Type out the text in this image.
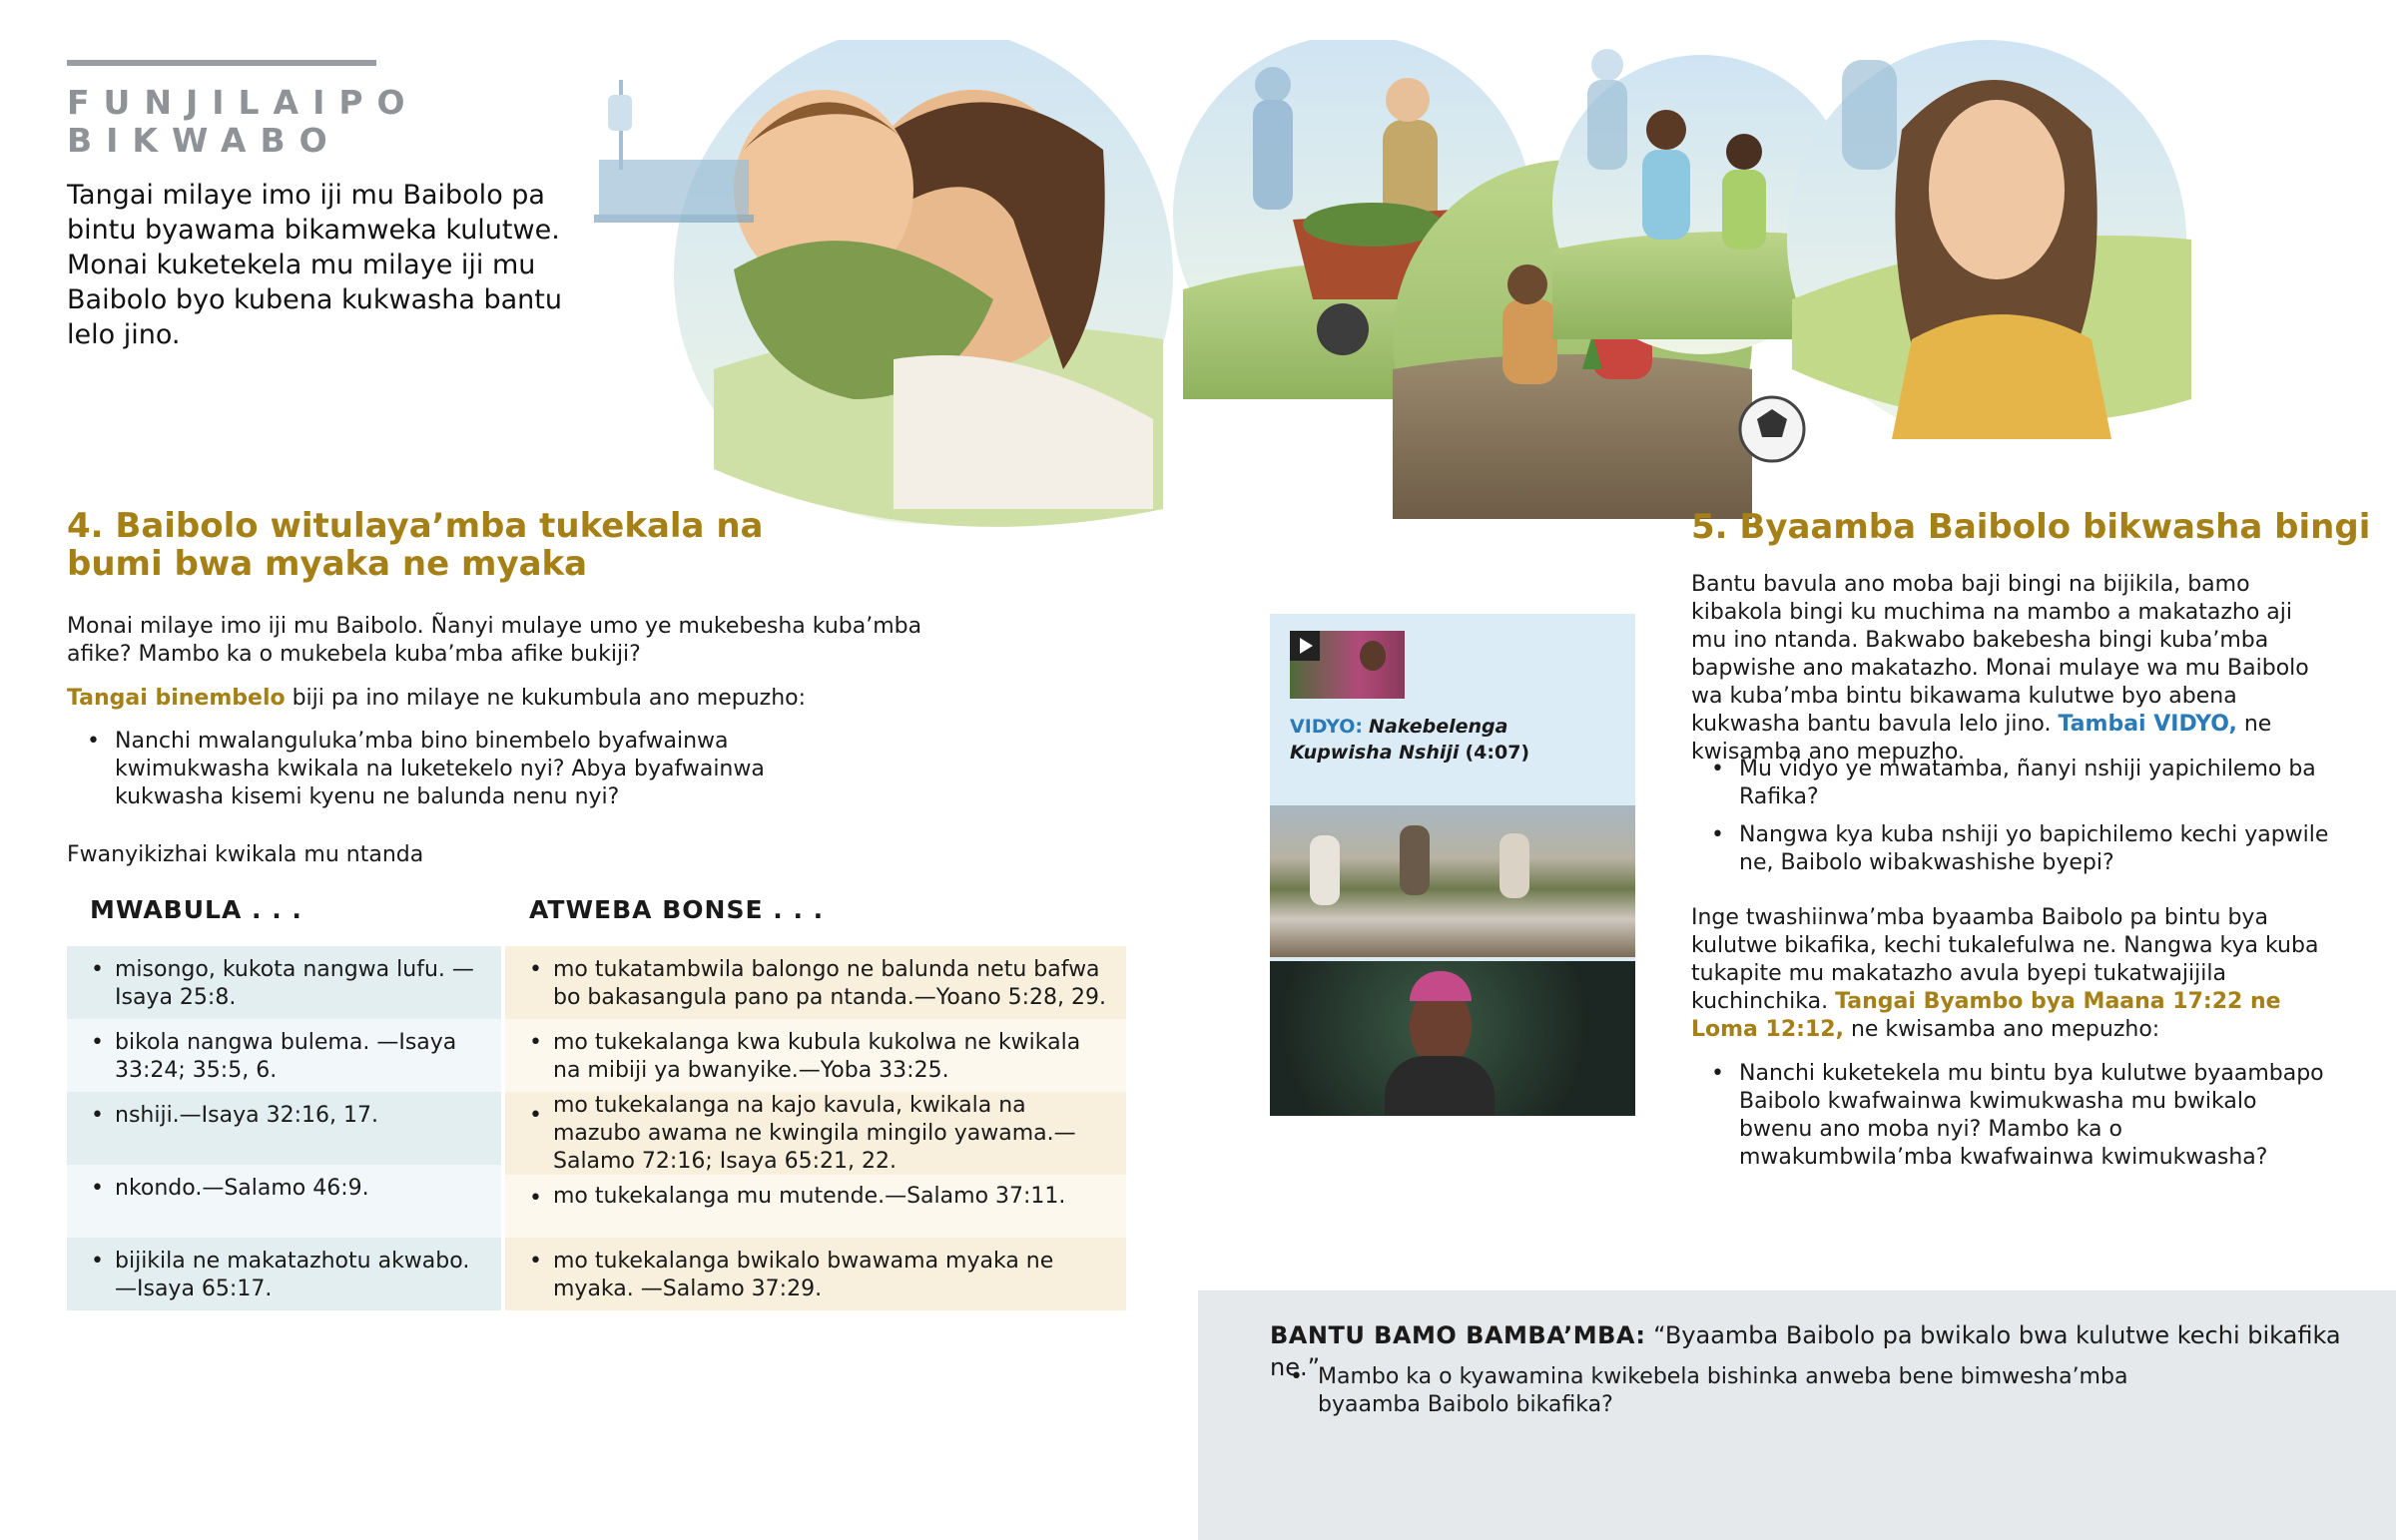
FUNJILAIPO
BIKWABO
Tangai milaye imo iji mu Baibolo pa bintu byawama bikamweka kulutwe. Monai kuketekela mu milaye iji mu Baibolo byo kubena kukwasha bantu lelo jino.
4. Baibolo witulaya’mba tukekala na bumi bwa myaka ne myaka
Monai milaye imo iji mu Baibolo. Ñanyi mulaye umo ye mukebesha kuba’mba afike? Mambo ka o mukebela kuba’mba afike bukiji?
Tangai binembelo biji pa ino milaye ne kukumbula ano mepuzho:
• Nanchi mwalanguluka’mba bino binembelo byafwainwa kwimukwasha kwikala na luketekelo nyi? Abya byafwainwa kukwasha kisemi kyenu ne balunda nenu nyi?
Fwanyikizhai kwikala mu ntanda
MWABULA . . .	ATWEBA BONSE . . .
• misongo, kukota nangwa lufu. —Isaya 25:8.
• bikola nangwa bulema. —Isaya 33:24; 35:5, 6.
• nshiji.—Isaya 32:16, 17.
• nkondo.—Salamo 46:9.
• bijikila ne makatazhotu akwabo. —Isaya 65:17.
• mo tukatambwila balongo ne balunda netu bafwa bo bakasangula pano pa ntanda.—Yoano 5:28, 29.
• mo tukekalanga kwa kubula kukolwa ne kwikala na mibiji ya bwanyike.—Yoba 33:25.
• mo tukekalanga na kajo kavula, kwikala na mazubo awama ne kwingila mingilo yawama.—Salamo 72:16; Isaya 65:21, 22.
• mo tukekalanga mu mutende.—Salamo 37:11.
• mo tukekalanga bwikalo bwawama myaka ne myaka. —Salamo 37:29.
VIDYO: Nakebelenga Kupwisha Nshiji (4:07)
5. Byaamba Baibolo bikwasha bingi
Bantu bavula ano moba baji bingi na bijikila, bamo kibakola bingi ku muchima na mambo a makatazho aji mu ino ntanda. Bakwabo bakebesha bingi kuba’mba bapwishe ano makatazho. Monai mulaye wa mu Baibolo wa kuba’mba bintu bikawama kulutwe byo abena kukwasha bantu bavula lelo jino. Tambai VIDYO, ne kwisamba ano mepuzho.
• Mu vidyo ye mwatamba, ñanyi nshiji yapichilemo ba Rafika?
• Nangwa kya kuba nshiji yo bapichilemo kechi yapwile ne, Baibolo wibakwashishe byepi?
Inge twashiinwa’mba byaamba Baibolo pa bintu bya kulutwe bikafika, kechi tukalefulwa ne. Nangwa kya kuba tukapite mu makatazho avula byepi tukatwajijila kuchinchika. Tangai Byambo bya Maana 17:22 ne Loma 12:12, ne kwisamba ano mepuzho:
• Nanchi kuketekela mu bintu bya kulutwe byaambapo Baibolo kwafwainwa kwimukwasha mu bwikalo bwenu ano moba nyi? Mambo ka o mwakumbwila’mba kwafwainwa kwimukwasha?
BANTU BAMO BAMBA’MBA: “Byaamba Baibolo pa bwikalo bwa kulutwe kechi bikafika ne.”
• Mambo ka o kyawamina kwikebela bishinka anweba bene bimwesha’mba byaamba Baibolo bikafika?
